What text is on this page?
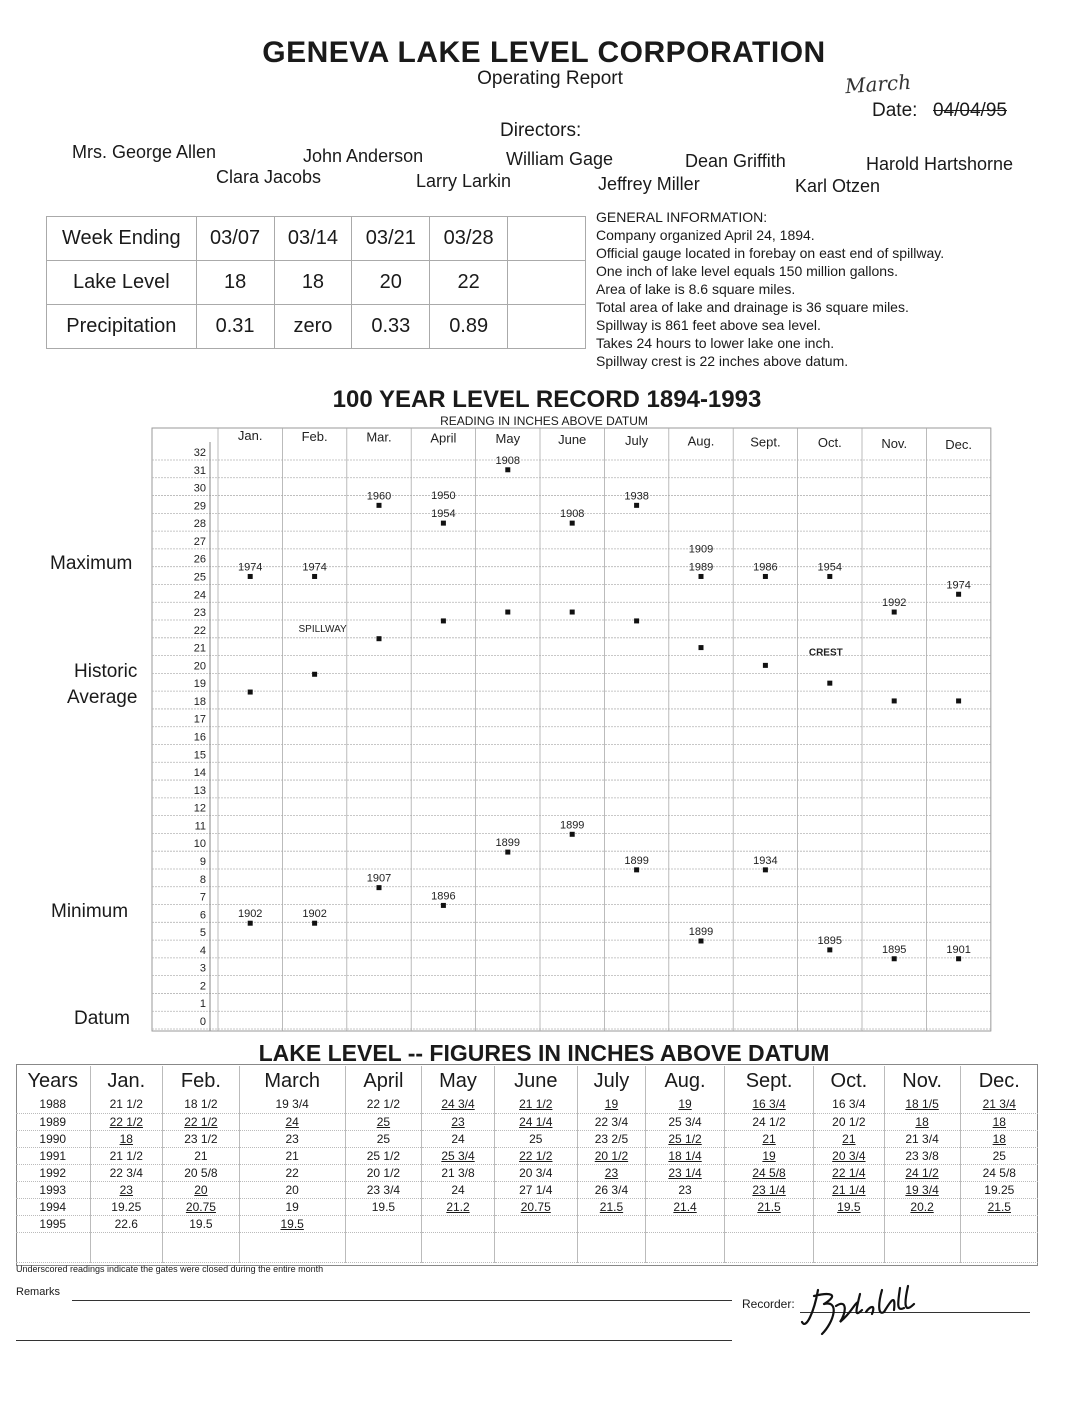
GENEVA LAKE LEVEL CORPORATION
Operating Report	March
Date: 04/04/95
Directors:
Mrs. George Allen	John Anderson	William Gage	Dean Griffith	Harold Hartshorne
Clara Jacobs	Larry Larkin	Jeffrey Miller	Karl Otzen
Week Ending	03/07	03/14	03/21	03/28	
Lake Level	18	18	20	22	
Precipitation	0.31	zero	0.33	0.89	
GENERAL INFORMATION:
Company organized April 24, 1894.
Official gauge located in forebay on east end of spillway.
One inch of lake level equals 150 million gallons.
Area of lake is 8.6 square miles.
Total area of lake and drainage is 36 square miles.
Spillway is 861 feet above sea level.
Takes 24 hours to lower lake one inch.
Spillway crest is 22 inches above datum.
100 YEAR LEVEL RECORD 1894-1993
READING IN INCHES ABOVE DATUM
Maximum
Historic
Average
Minimum
Datum	0
1
2
3
4
5
6
7
8
9
10
11
12
13
14
15
16
17
18
19
20
21
22
23
24
25
26
27
28
29
30
31
32
Jan.	Feb.	Mar.	April	May	June	July	Aug.	Sept.	Oct.	Nov.	Dec.
1974	1974
1960
1954
1908
1908
1938
1989	1986	1954
1992
1974
1950
1909
1902	1902
1907
1896
1899
1899
1899
1899
1934
1895
1895	1901
SPILLWAY
CREST
LAKE LEVEL -- FIGURES IN INCHES ABOVE DATUM
Years	Jan.	Feb.	March	April	May	June	July	Aug.	Sept.	Oct.	Nov.	Dec.
1988	21 1/2	18 1/2	19 3/4	22 1/2	24 3/4	21 1/2	19	19	16 3/4	16 3/4	18 1/5	21 3/4
1989	22 1/2	22 1/2	24	25	23	24 1/4	22 3/4	25 3/4	24 1/2	20 1/2	18	18
1990	18	23 1/2	23	25	24	25	23 2/5	25 1/2	21	21	21 3/4	18
1991	21 1/2	21	21	25 1/2	25 3/4	22 1/2	20 1/2	18 1/4	19	20 3/4	23 3/8	25
1992	22 3/4	20 5/8	22	20 1/2	21 3/8	20 3/4	23	23 1/4	24 5/8	22 1/4	24 1/2	24 5/8
1993	23	20	20	23 3/4	24	27 1/4	26 3/4	23	23 1/4	21 1/4	19 3/4	19.25
1994	19.25	20.75	19	19.5	21.2	20.75	21.5	21.4	21.5	19.5	20.2	21.5
1995	22.6	19.5	19.5									

Underscored readings indicate the gates were closed during the entire month
Remarks
Recorder:
